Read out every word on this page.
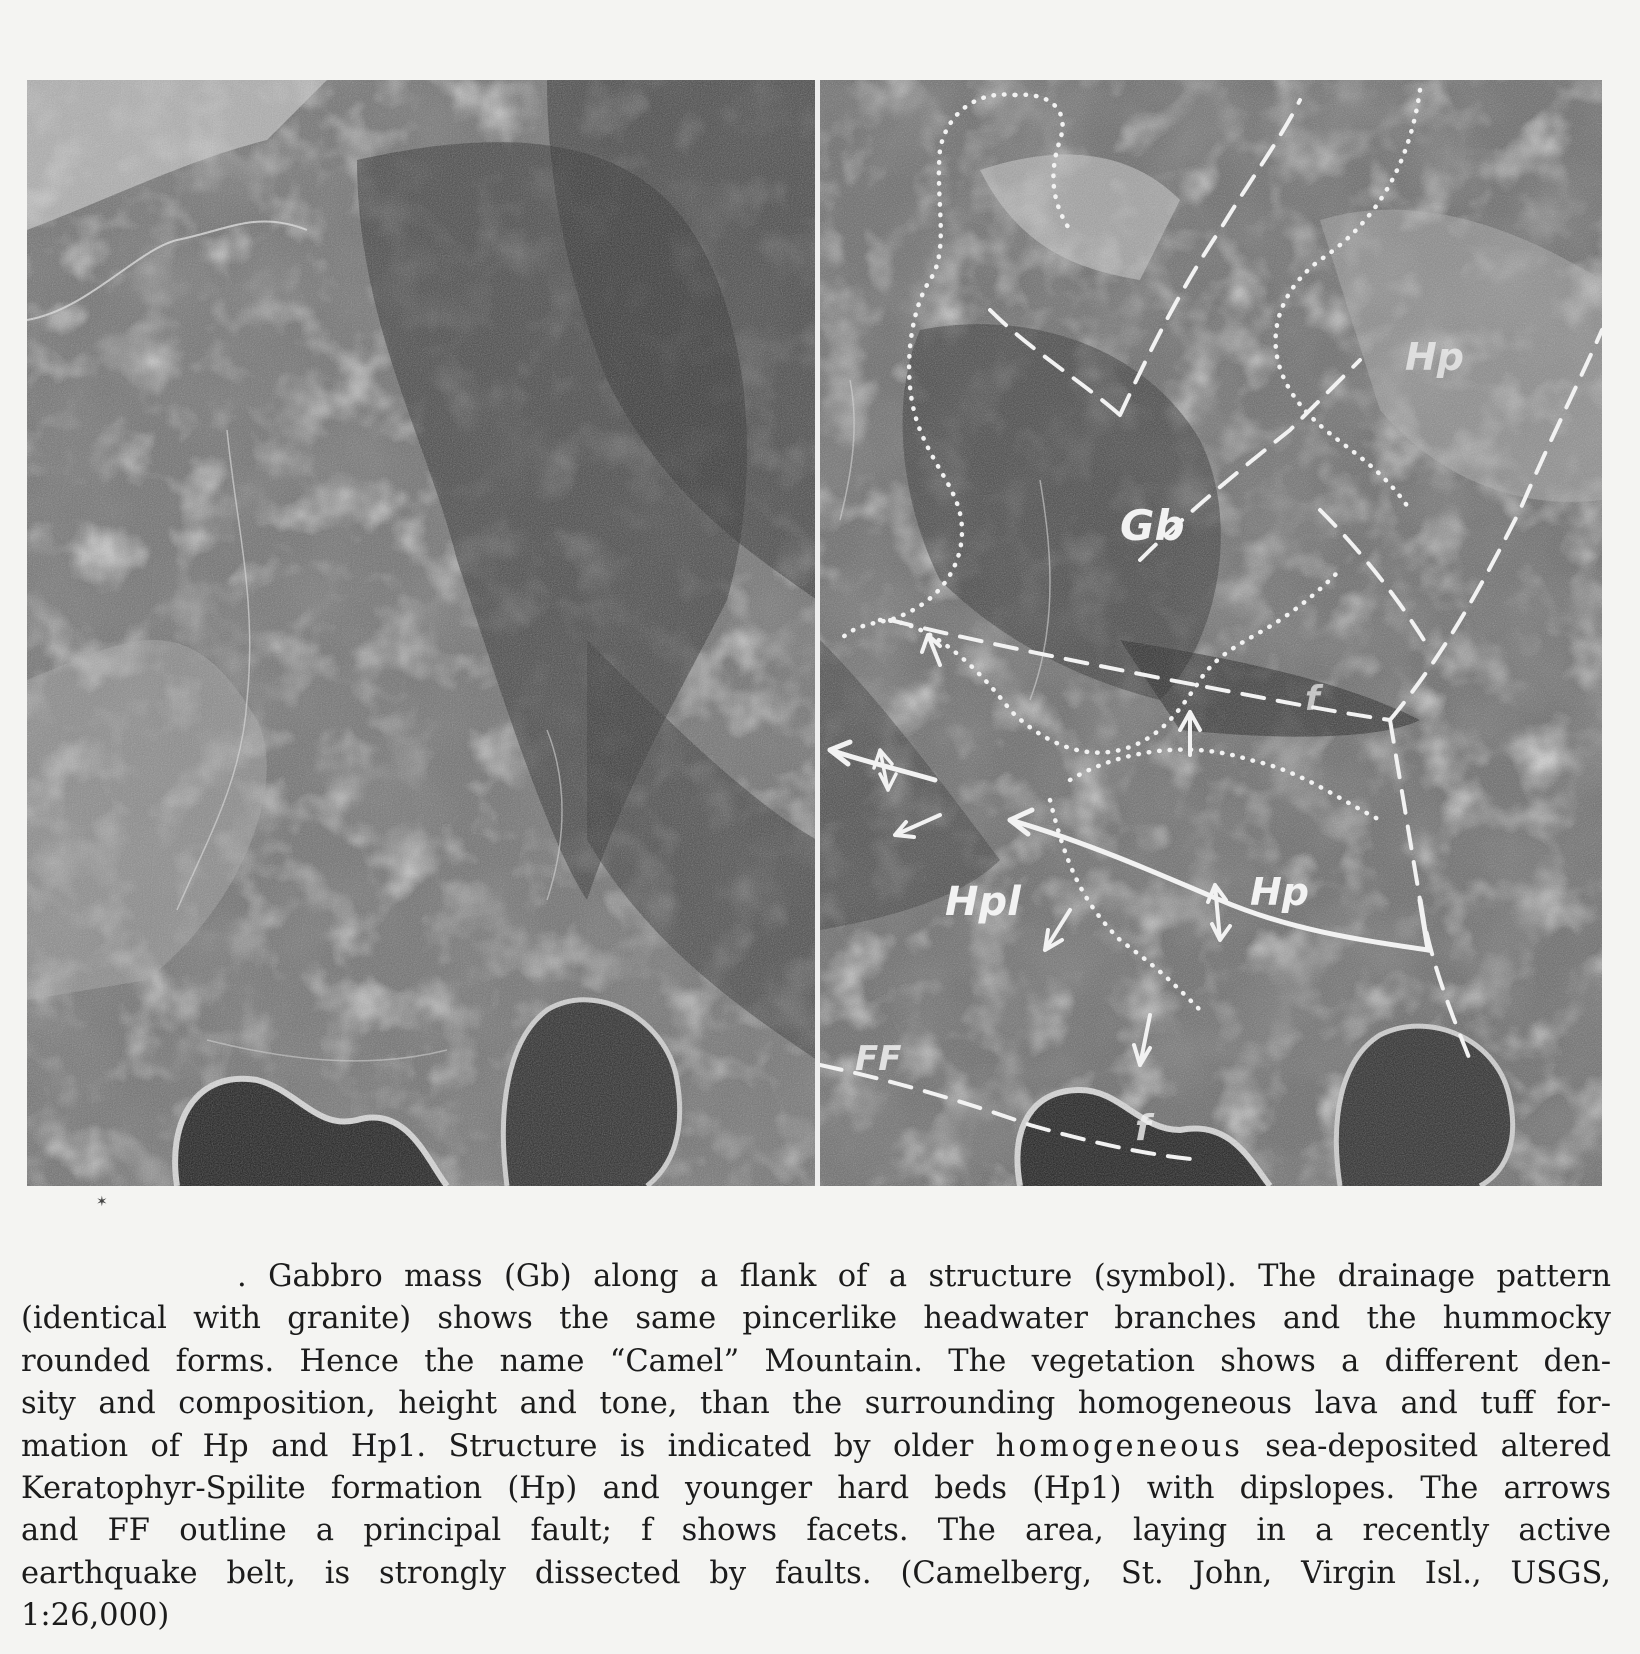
Gb
Hp
Hp
Hpl
FF
f
f
✶

. Gabbro mass (Gb) along a flank of a structure (symbol). The drainage pattern
(identical with granite) shows the same pincerlike headwater branches and the hummocky
rounded forms. Hence the name “Camel” Mountain. The vegetation shows a different den-
sity and composition, height and tone, than the surrounding homogeneous lava and tuff for-
mation of Hp and Hp1. Structure is indicated by older homogeneous sea-deposited altered
Keratophyr-Spilite formation (Hp) and younger hard beds (Hp1) with dipslopes. The arrows
and FF outline a principal fault; f shows facets. The area, laying in a recently active
earthquake belt, is strongly dissected by faults. (Camelberg, St. John, Virgin Isl., USGS,
1:26,000)
